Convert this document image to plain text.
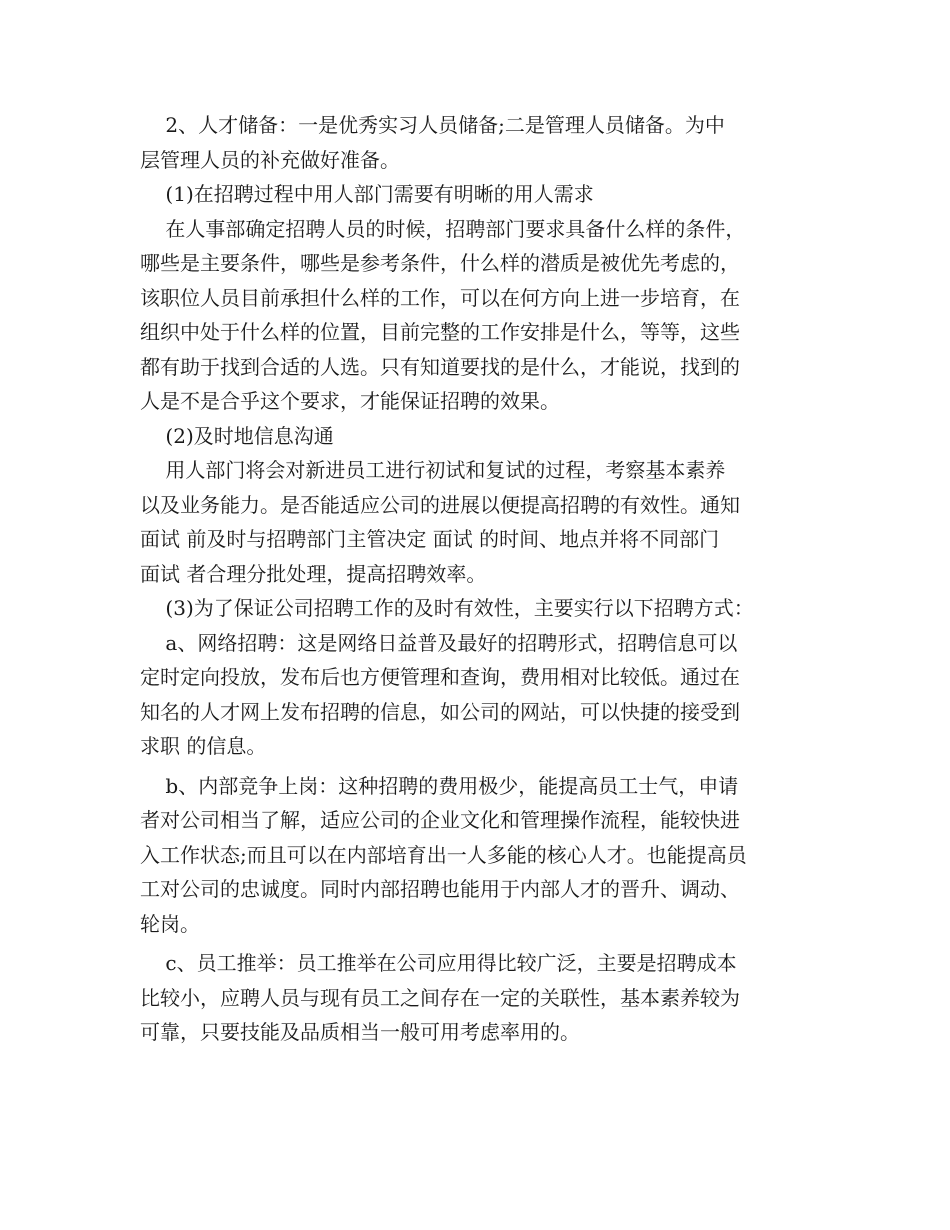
2、人才储备：一是优秀实习人员储备;二是管理人员储备。为中
层管理人员的补充做好准备。
(1)在招聘过程中用人部门需要有明晰的用人需求
在人事部确定招聘人员的时候，招聘部门要求具备什么样的条件，
哪些是主要条件，哪些是参考条件，什么样的潜质是被优先考虑的，
该职位人员目前承担什么样的工作，可以在何方向上进一步培育，在
组织中处于什么样的位置，目前完整的工作安排是什么，等等，这些
都有助于找到合适的人选。只有知道要找的是什么，才能说，找到的
人是不是合乎这个要求，才能保证招聘的效果。
(2)及时地信息沟通
用人部门将会对新进员工进行初试和复试的过程，考察基本素养
以及业务能力。是否能适应公司的进展以便提高招聘的有效性。通知
面试 前及时与招聘部门主管决定 面试 的时间、地点并将不同部门
面试 者合理分批处理，提高招聘效率。
(3)为了保证公司招聘工作的及时有效性，主要实行以下招聘方式：
a、网络招聘：这是网络日益普及最好的招聘形式，招聘信息可以
定时定向投放，发布后也方便管理和查询，费用相对比较低。通过在
知名的人才网上发布招聘的信息，如公司的网站，可以快捷的接受到
求职 的信息。
b、内部竞争上岗：这种招聘的费用极少，能提高员工士气，申请
者对公司相当了解，适应公司的企业文化和管理操作流程，能较快进
入工作状态;而且可以在内部培育出一人多能的核心人才。也能提高员
工对公司的忠诚度。同时内部招聘也能用于内部人才的晋升、调动、
轮岗。
c、员工推举：员工推举在公司应用得比较广泛，主要是招聘成本
比较小，应聘人员与现有员工之间存在一定的关联性，基本素养较为
可靠，只要技能及品质相当一般可用考虑率用的。
